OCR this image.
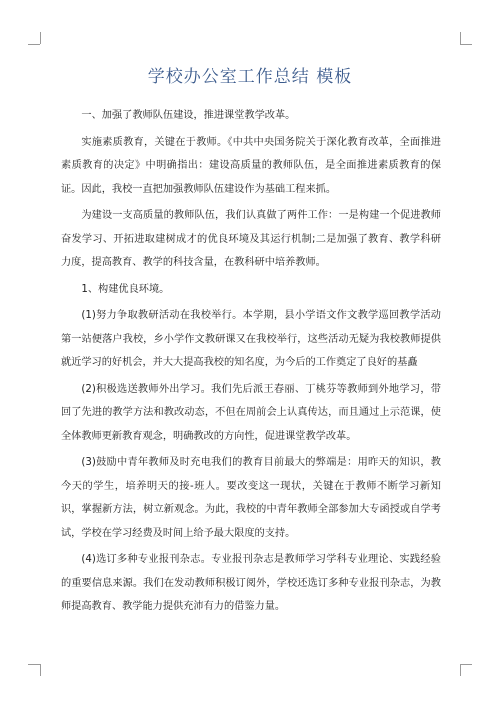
学校办公室工作总结 模板

一、加强了教师队伍建设，推进课堂教学改革。

实施素质教育，关键在于教师。《中共中央国务院关于深化教育改革，全面推进素质教育的决定》中明确指出：建设高质量的教师队伍，是全面推进素质教育的保证。因此，我校一直把加强教师队伍建设作为基础工程来抓。

为建设一支高质量的教师队伍，我们认真做了两件工作：一是构建一个促进教师奋发学习、开拓进取建树成才的优良环境及其运行机制;二是加强了教育、教学科研力度，提高教育、教学的科技含量，在教科研中培养教师。

1、构建优良环境。

(1)努力争取教研活动在我校举行。本学期，县小学语文作文教学巡回教学活动第一站便落户我校，乡小学作文教研课又在我校举行，这些活动无疑为我校教师提供就近学习的好机会，并大大提高我校的知名度，为今后的工作奠定了良好的基矗

(2)积极选送教师外出学习。我们先后派王春丽、丁桃芬等教师到外地学习，带回了先进的教学方法和教改动态，不但在周前会上认真传达，而且通过上示范课，使全体教师更新教育观念，明确教改的方向性，促进课堂教学改革。

(3)鼓励中青年教师及时充电我们的教育目前最大的弊端是：用昨天的知识，教今天的学生，培养明天的接-班人。要改变这一现状，关键在于教师不断学习新知识，掌握新方法，树立新观念。为此，我校的中青年教师全部参加大专函授或自学考试，学校在学习经费及时间上给予最大限度的支持。

(4)选订多种专业报刊杂志。专业报刊杂志是教师学习学科专业理论、实践经验的重要信息来源。我们在发动教师积极订阅外，学校还选订多种专业报刊杂志，为教师提高教育、教学能力提供充沛有力的借鉴力量。
